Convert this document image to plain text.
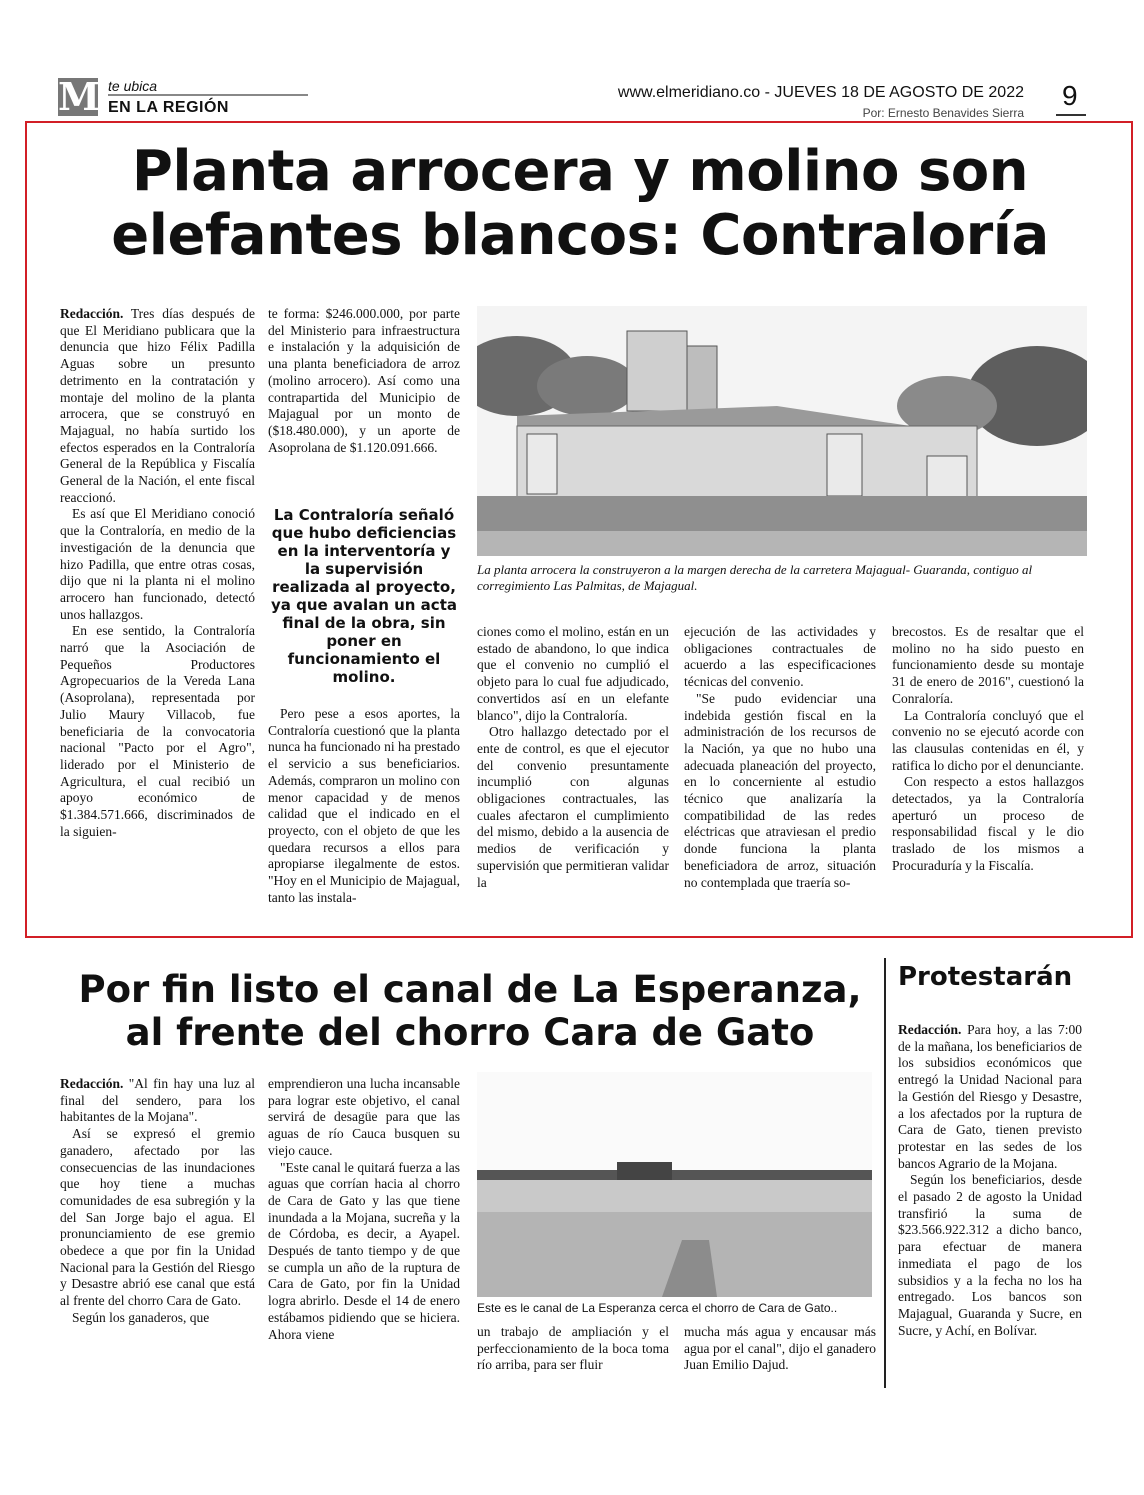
M te ubica
EN LA REGIÓN
www.elmeridiano.co - JUEVES 18 DE AGOSTO DE 2022
Por: Ernesto Benavides Sierra
9
Planta arrocera y molino son
elefantes blancos: Contraloría

Redacción. Tres días después de que El Meridiano publicara que la denuncia que hizo Félix Padilla Aguas sobre un presunto detrimento en la contratación y montaje del molino de la planta arrocera, que se construyó en Majagual, no había surtido los efectos esperados en la Contraloría General de la República y Fiscalía General de la Nación, el ente fiscal reaccionó.

Es así que El Meridiano conoció que la Contraloría, en medio de la investigación de la denuncia que hizo Padilla, que entre otras cosas, dijo que ni la planta ni el molino arrocero han funcionado, detectó unos hallazgos.

En ese sentido, la Contraloría narró que la Asociación de Pequeños Productores Agropecuarios de la Vereda Lana (Asoprolana), representada por Julio Maury Villacob, fue beneficiaria de la convocatoria nacional "Pacto por el Agro", liderado por el Ministerio de Agricultura, el cual recibió un apoyo económico de $1.384.571.666, discriminados de la siguien-

te forma: $246.000.000, por parte del Ministerio para infraestructura e instalación y la adquisición de una planta beneficiadora de arroz (molino arrocero). Así como una contrapartida del Municipio de Majagual por un monto de ($18.480.000), y un aporte de Asoprolana de $1.120.091.666.

La Contraloría señaló que hubo deficiencias en la interventoría y la supervisión realizada al proyecto, ya que avalan un acta final de la obra, sin poner en funcionamiento el molino.

Pero pese a esos aportes, la Contraloría cuestionó que la planta nunca ha funcionado ni ha prestado el servicio a sus beneficiarios. Además, compraron un molino con menor capacidad y de menos calidad que el indicado en el proyecto, con el objeto de que les quedara recursos a ellos para apropiarse ilegalmente de estos. "Hoy en el Municipio de Majagual, tanto las instala-

La planta arrocera la construyeron a la margen derecha de la carretera Majagual- Guaranda, contiguo al corregimiento Las Palmitas, de Majagual.

ciones como el molino, están en un estado de abandono, lo que indica que el convenio no cumplió el objeto para lo cual fue adjudicado, convertidos así en un elefante blanco", dijo la Contraloría.

Otro hallazgo detectado por el ente de control, es que el ejecutor del convenio presuntamente incumplió con algunas obligaciones contractuales, las cuales afectaron el cumplimiento del mismo, debido a la ausencia de medios de verificación y supervisión que permitieran validar la

ejecución de las actividades y obligaciones contractuales de acuerdo a las especificaciones técnicas del convenio.

"Se pudo evidenciar una indebida gestión fiscal en la administración de los recursos de la Nación, ya que no hubo una adecuada planeación del proyecto, en lo concerniente al estudio técnico que analizaría la compatibilidad de las redes eléctricas que atraviesan el predio donde funciona la planta beneficiadora de arroz, situación no contemplada que traería so-

brecostos. Es de resaltar que el molino no ha sido puesto en funcionamiento desde su montaje 31 de enero de 2016", cuestionó la Conraloría.

La Contraloría concluyó que el convenio no se ejecutó acorde con las clausulas contenidas en él, y ratifica lo dicho por el denunciante.

Con respecto a estos hallazgos detectados, ya la Contraloría aperturó un proceso de responsabilidad fiscal y le dio traslado de los mismos a Procuraduría y la Fiscalía.

Por fin listo el canal de La Esperanza,
al frente del chorro Cara de Gato

Redacción. "Al fin hay una luz al final del sendero, para los habitantes de la Mojana".

Así se expresó el gremio ganadero, afectado por las consecuencias de las inundaciones que hoy tiene a muchas comunidades de esa subregión y la del San Jorge bajo el agua. El pronunciamiento de ese gremio obedece a que por fin la Unidad Nacional para la Gestión del Riesgo y Desastre abrió ese canal que está al frente del chorro Cara de Gato.

Según los ganaderos, que

emprendieron una lucha incansable para lograr este objetivo, el canal servirá de desagüe para que las aguas de río Cauca busquen su viejo cauce.

"Este canal le quitará fuerza a las aguas que corrían hacia al chorro de Cara de Gato y las que tiene inundada a la Mojana, sucreña y la de Córdoba, es decir, a Ayapel. Después de tanto tiempo y de que se cumpla un año de la ruptura de Cara de Gato, por fin la Unidad logra abrirlo. Desde el 14 de enero estábamos pidiendo que se hiciera. Ahora viene

Este es le canal de La Esperanza cerca el chorro de Cara de Gato..

un trabajo de ampliación y el perfeccionamiento de la boca toma río arriba, para ser fluir

mucha más agua y encausar más agua por el canal", dijo el ganadero Juan Emilio Dajud.

Protestarán

Redacción. Para hoy, a las 7:00 de la mañana, los beneficiarios de los subsidios económicos que entregó la Unidad Nacional para la Gestión del Riesgo y Desastre, a los afectados por la ruptura de Cara de Gato, tienen previsto protestar en las sedes de los bancos Agrario de la Mojana.

Según los beneficiarios, desde el pasado 2 de agosto la Unidad transfirió la suma de $23.566.922.312 a dicho banco, para efectuar de manera inmediata el pago de los subsidios y a la fecha no los ha entregado. Los bancos son Majagual, Guaranda y Sucre, en Sucre, y Achí, en Bolívar.
